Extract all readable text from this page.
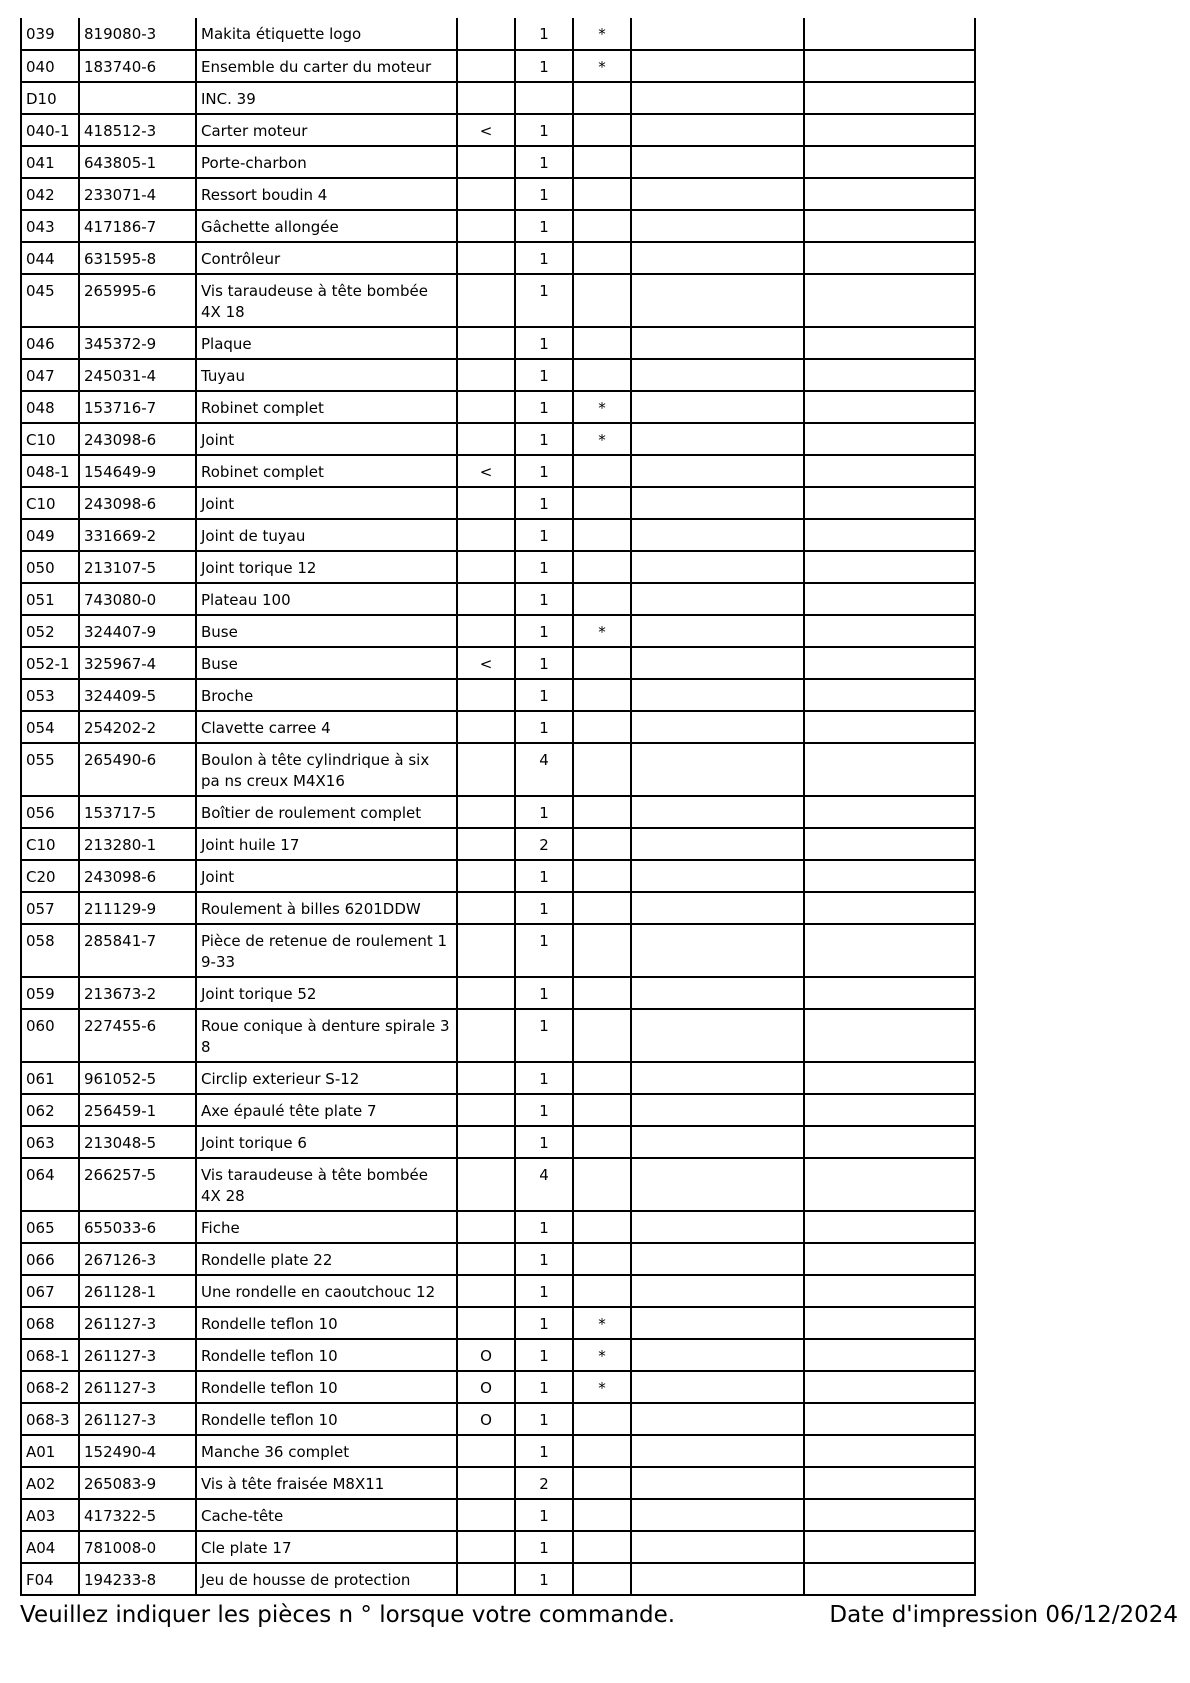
039	819080-3	Makita étiquette logo		1	*		
040	183740-6	Ensemble du carter du moteur		1	*		
D10		INC. 39					
040-1	418512-3	Carter moteur	<	1			
041	643805-1	Porte-charbon		1			
042	233071-4	Ressort boudin 4		1			
043	417186-7	Gâchette allongée		1			
044	631595-8	Contrôleur		1			
045	265995-6	Vis taraudeuse à tête bombée 4X 18		1			
046	345372-9	Plaque		1			
047	245031-4	Tuyau		1			
048	153716-7	Robinet complet		1	*		
C10	243098-6	Joint		1	*		
048-1	154649-9	Robinet complet	<	1			
C10	243098-6	Joint		1			
049	331669-2	Joint de tuyau		1			
050	213107-5	Joint torique 12		1			
051	743080-0	Plateau 100		1			
052	324407-9	Buse		1	*		
052-1	325967-4	Buse	<	1			
053	324409-5	Broche		1			
054	254202-2	Clavette carree 4		1			
055	265490-6	Boulon à tête cylindrique à six pa ns creux M4X16		4			
056	153717-5	Boîtier de roulement complet		1			
C10	213280-1	Joint huile 17		2			
C20	243098-6	Joint		1			
057	211129-9	Roulement à billes 6201DDW		1			
058	285841-7	Pièce de retenue de roulement 1 9-33		1			
059	213673-2	Joint torique 52		1			
060	227455-6	Roue conique à denture spirale 3 8		1			
061	961052-5	Circlip exterieur S-12		1			
062	256459-1	Axe épaulé tête plate 7		1			
063	213048-5	Joint torique 6		1			
064	266257-5	Vis taraudeuse à tête bombée 4X 28		4			
065	655033-6	Fiche		1			
066	267126-3	Rondelle plate 22		1			
067	261128-1	Une rondelle en caoutchouc 12		1			
068	261127-3	Rondelle teflon 10		1	*		
068-1	261127-3	Rondelle teflon 10	O	1	*		
068-2	261127-3	Rondelle teflon 10	O	1	*		
068-3	261127-3	Rondelle teflon 10	O	1			
A01	152490-4	Manche 36 complet		1			
A02	265083-9	Vis à tête fraisée M8X11		2			
A03	417322-5	Cache-tête		1			
A04	781008-0	Cle plate 17		1			
F04	194233-8	Jeu de housse de protection		1			
Veuillez indiquer les pièces n ° lorsque votre commande.	Date d'impression 06/12/2024
